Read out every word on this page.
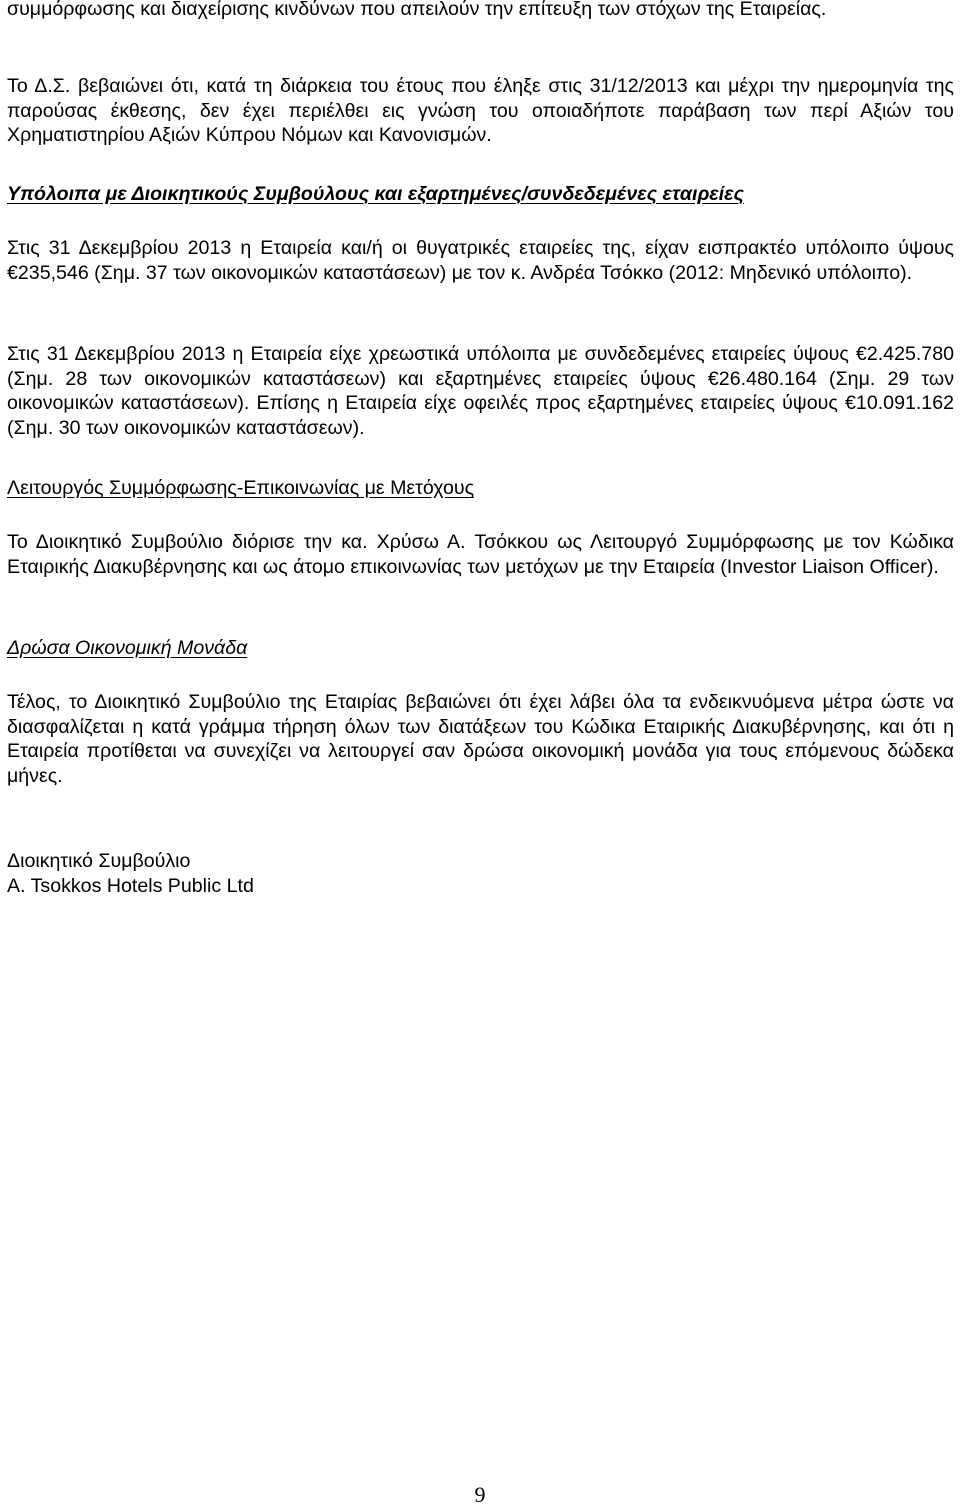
συμμόρφωσης και διαχείρισης κινδύνων που απειλούν την επίτευξη των στόχων της Εταιρείας.

Το Δ.Σ. βεβαιώνει ότι, κατά τη διάρκεια του έτους που έληξε στις 31/12/2013 και μέχρι την ημερομηνία της παρούσας έκθεσης, δεν έχει περιέλθει εις γνώση του οποιαδήποτε παράβαση των περί Αξιών του Χρηματιστηρίου Αξιών Κύπρου Νόμων και Κανονισμών.

Υπόλοιπα με Διοικητικούς Συμβούλους και εξαρτημένες/συνδεδεμένες εταιρείες

Στις 31 Δεκεμβρίου 2013 η Εταιρεία και/ή οι θυγατρικές εταιρείες της, είχαν εισπρακτέο υπόλοιπο ύψους €235,546 (Σημ. 37 των οικονομικών καταστάσεων) με τον κ. Ανδρέα Τσόκκο (2012: Μηδενικό υπόλοιπο).

Στις 31 Δεκεμβρίου 2013 η Εταιρεία είχε χρεωστικά υπόλοιπα με συνδεδεμένες εταιρείες ύψους €2.425.780 (Σημ. 28 των οικονομικών καταστάσεων) και εξαρτημένες εταιρείες ύψους €26.480.164 (Σημ. 29 των οικονομικών καταστάσεων). Επίσης η Εταιρεία είχε οφειλές προς εξαρτημένες εταιρείες ύψους €10.091.162 (Σημ. 30 των οικονομικών καταστάσεων).

Λειτουργός Συμμόρφωσης-Επικοινωνίας με Μετόχους

Το Διοικητικό Συμβούλιο διόρισε την κα. Χρύσω Α. Τσόκκου ως Λειτουργό Συμμόρφωσης με τον Κώδικα Εταιρικής Διακυβέρνησης και ως άτομο επικοινωνίας των μετόχων με την Εταιρεία (Investor Liaison Officer).

Δρώσα Οικονομική Μονάδα

Τέλος, το Διοικητικό Συμβούλιο της Εταιρίας βεβαιώνει ότι έχει λάβει όλα τα ενδεικνυόμενα μέτρα ώστε να διασφαλίζεται η κατά γράμμα τήρηση όλων των διατάξεων του Κώδικα Εταιρικής Διακυβέρνησης, και ότι η Εταιρεία προτίθεται να συνεχίζει να λειτουργεί σαν δρώσα οικονομική μονάδα για τους επόμενους δώδεκα μήνες.

Διοικητικό Συμβούλιο

A. Tsokkos Hotels Public Ltd

9
